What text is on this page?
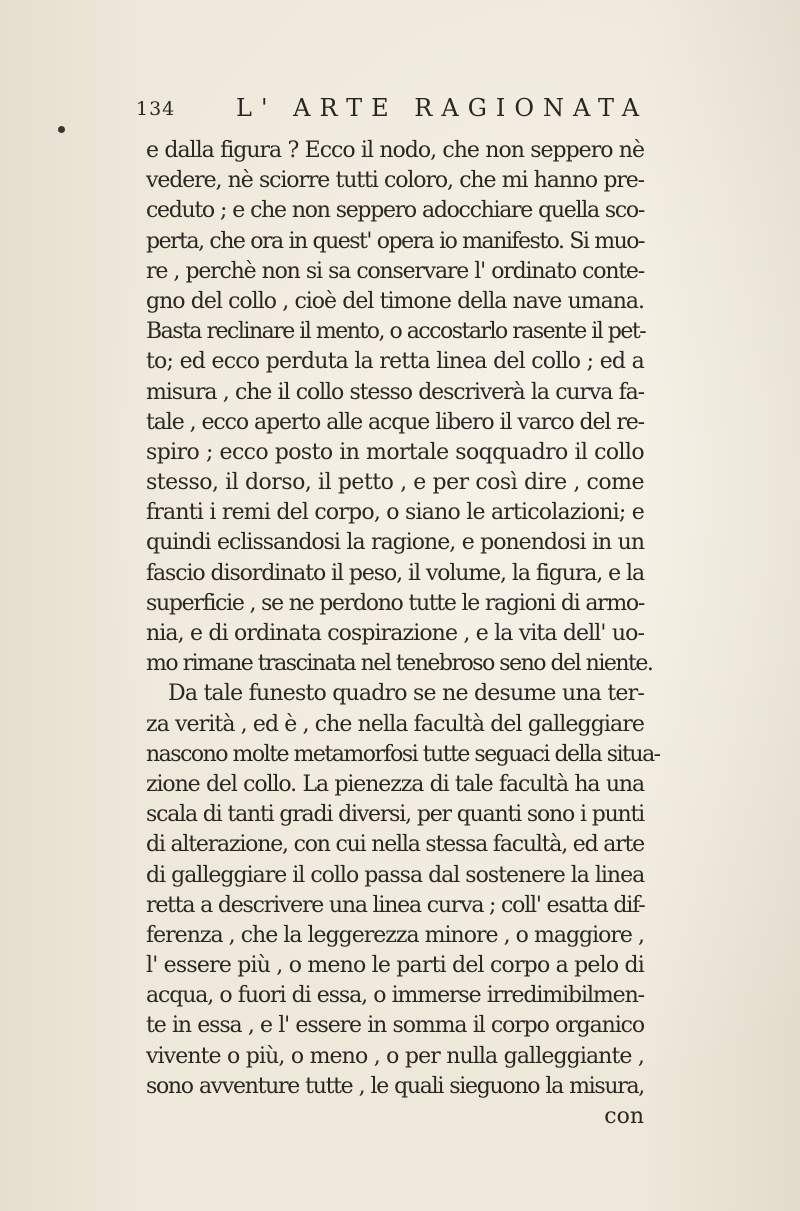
134	L' ARTE RAGIONATA
e dalla figura ? Ecco il nodo, che non seppero nè
vedere, nè sciorre tutti coloro, che mi hanno pre-
ceduto ; e che non seppero adocchiare quella sco-
perta, che ora in quest' opera io manifesto. Si muo-
re , perchè non si sa conservare l' ordinato conte-
gno del collo , cioè del timone della nave umana.
Basta reclinare il mento, o accostarlo rasente il pet-
to; ed ecco perduta la retta linea del collo ; ed a
misura , che il collo stesso descriverà la curva fa-
tale , ecco aperto alle acque libero il varco del re-
spiro ; ecco posto in mortale soqquadro il collo
stesso, il dorso, il petto , e per così dire , come
franti i remi del corpo, o siano le articolazioni; e
quindi eclissandosi la ragione, e ponendosi in un
fascio disordinato il peso, il volume, la figura, e la
superficie , se ne perdono tutte le ragioni di armo-
nia, e di ordinata cospirazione , e la vita dell' uo-
mo rimane trascinata nel tenebroso seno del niente.
Da tale funesto quadro se ne desume una ter-
za verità , ed è , che nella facultà del galleggiare
nascono molte metamorfosi tutte seguaci della situa-
zione del collo. La pienezza di tale facultà ha una
scala di tanti gradi diversi, per quanti sono i punti
di alterazione, con cui nella stessa facultà, ed arte
di galleggiare il collo passa dal sostenere la linea
retta a descrivere una linea curva ; coll' esatta dif-
ferenza , che la leggerezza minore , o maggiore ,
l' essere più , o meno le parti del corpo a pelo di
acqua, o fuori di essa, o immerse irredimibilmen-
te in essa , e l' essere in somma il corpo organico
vivente o più, o meno , o per nulla galleggiante ,
sono avventure tutte , le quali sieguono la misura,
con
